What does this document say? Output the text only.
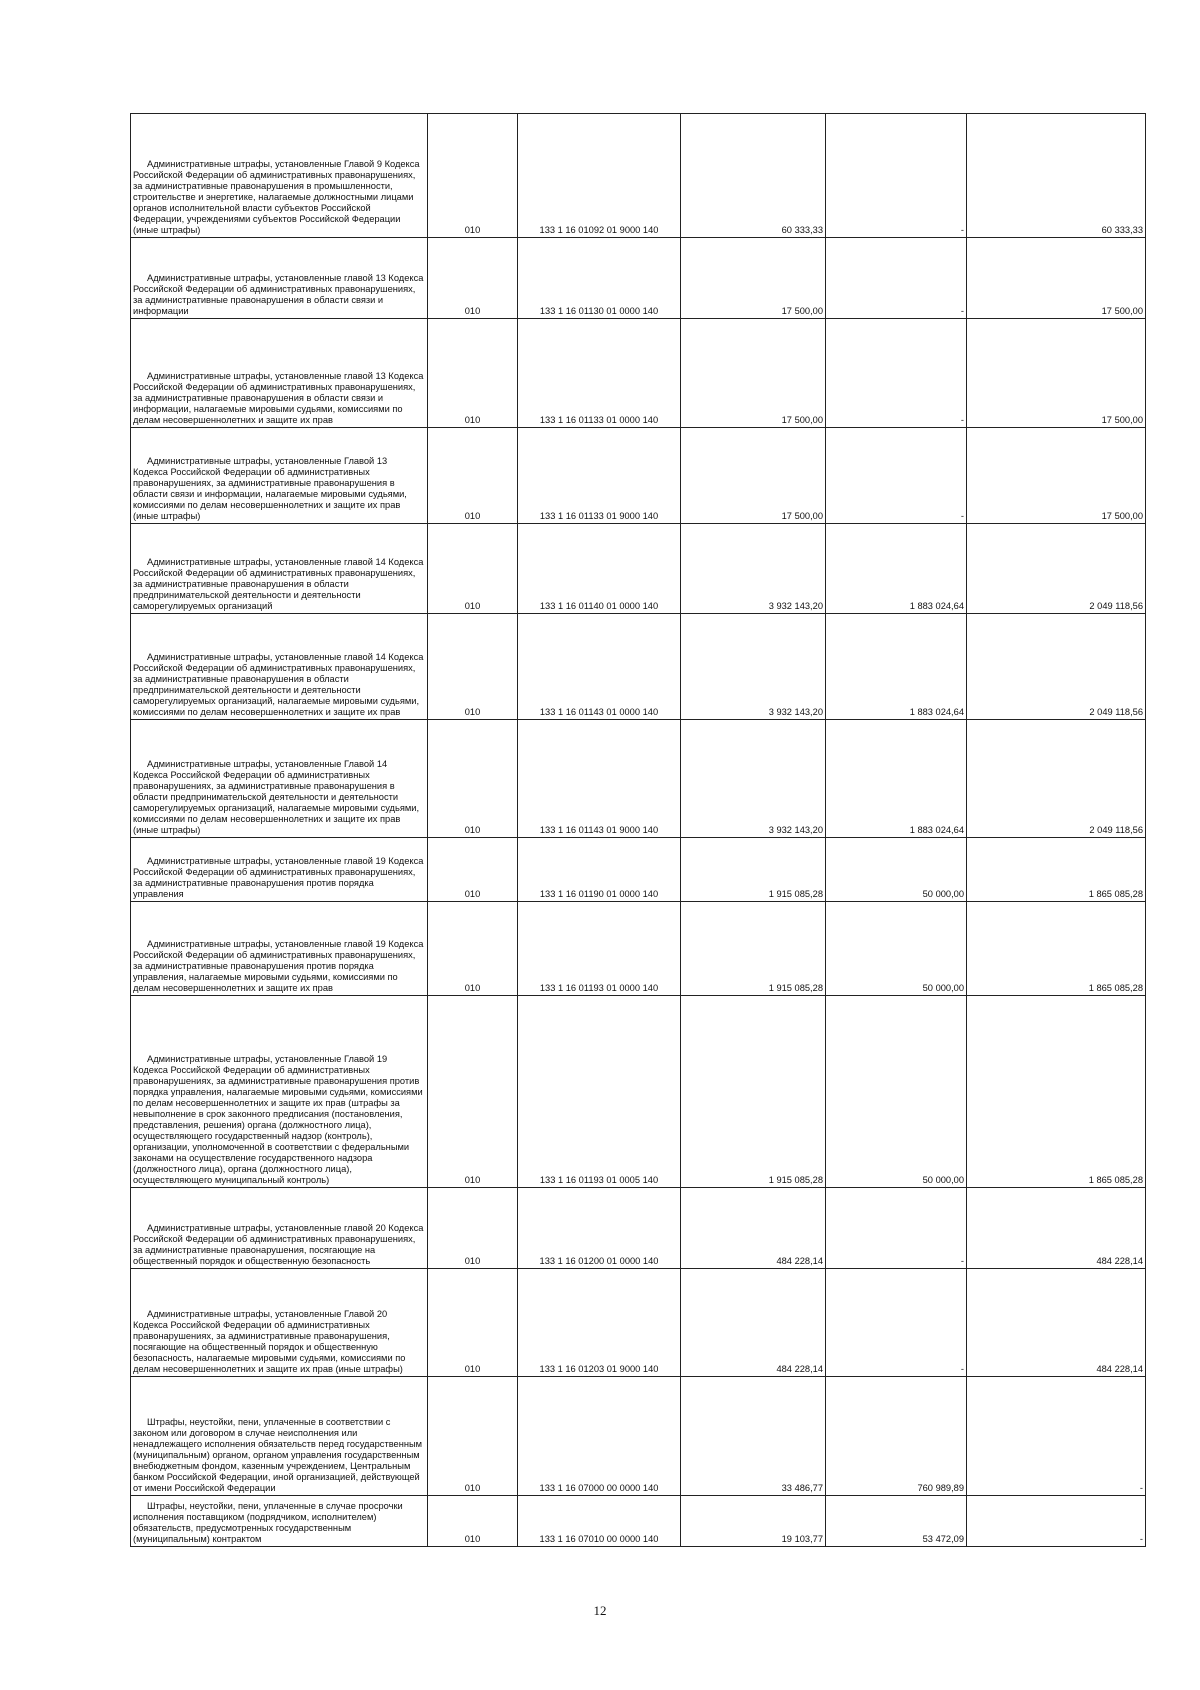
Административные штрафы, установленные Главой 9 Кодекса Российской Федерации об административных правонарушениях, за административные правонарушения в промышленности, строительстве и энергетике, налагаемые должностными лицами органов исполнительной власти субъектов Российской Федерации, учреждениями субъектов Российской Федерации (иные штрафы)	010	133 1 16 01092 01 9000 140	60 333,33	-	60 333,33
Административные штрафы, установленные главой 13 Кодекса Российской Федерации об административных правонарушениях, за административные правонарушения в области связи и информации	010	133 1 16 01130 01 0000 140	17 500,00	-	17 500,00
Административные штрафы, установленные главой 13 Кодекса Российской Федерации об административных правонарушениях, за административные правонарушения в области связи и информации, налагаемые мировыми судьями, комиссиями по делам несовершеннолетних и защите их прав	010	133 1 16 01133 01 0000 140	17 500,00	-	17 500,00
Административные штрафы, установленные Главой 13 Кодекса Российской Федерации об административных правонарушениях, за административные правонарушения в области связи и информации, налагаемые мировыми судьями, комиссиями по делам несовершеннолетних и защите их прав (иные штрафы)	010	133 1 16 01133 01 9000 140	17 500,00	-	17 500,00
Административные штрафы, установленные главой 14 Кодекса Российской Федерации об административных правонарушениях, за административные правонарушения в области предпринимательской деятельности и деятельности саморегулируемых организаций	010	133 1 16 01140 01 0000 140	3 932 143,20	1 883 024,64	2 049 118,56
Административные штрафы, установленные главой 14 Кодекса Российской Федерации об административных правонарушениях, за административные правонарушения в области предпринимательской деятельности и деятельности саморегулируемых организаций, налагаемые мировыми судьями, комиссиями по делам несовершеннолетних и защите их прав	010	133 1 16 01143 01 0000 140	3 932 143,20	1 883 024,64	2 049 118,56
Административные штрафы, установленные Главой 14 Кодекса Российской Федерации об административных правонарушениях, за административные правонарушения в области предпринимательской деятельности и деятельности саморегулируемых организаций, налагаемые мировыми судьями, комиссиями по делам несовершеннолетних и защите их прав (иные штрафы)	010	133 1 16 01143 01 9000 140	3 932 143,20	1 883 024,64	2 049 118,56
Административные штрафы, установленные главой 19 Кодекса Российской Федерации об административных правонарушениях, за административные правонарушения против порядка управления	010	133 1 16 01190 01 0000 140	1 915 085,28	50 000,00	1 865 085,28
Административные штрафы, установленные главой 19 Кодекса Российской Федерации об административных правонарушениях, за административные правонарушения против порядка управления, налагаемые мировыми судьями, комиссиями по делам несовершеннолетних и защите их прав	010	133 1 16 01193 01 0000 140	1 915 085,28	50 000,00	1 865 085,28
Административные штрафы, установленные Главой 19 Кодекса Российской Федерации об административных правонарушениях, за административные правонарушения против порядка управления, налагаемые мировыми судьями, комиссиями по делам несовершеннолетних и защите их прав (штрафы за невыполнение в срок законного предписания (постановления, представления, решения) органа (должностного лица), осуществляющего государственный надзор (контроль), организации, уполномоченной в соответствии с федеральными законами на осуществление государственного надзора (должностного лица), органа (должностного лица), осуществляющего муниципальный контроль)	010	133 1 16 01193 01 0005 140	1 915 085,28	50 000,00	1 865 085,28
Административные штрафы, установленные главой 20 Кодекса Российской Федерации об административных правонарушениях, за административные правонарушения, посягающие на общественный порядок и общественную безопасность	010	133 1 16 01200 01 0000 140	484 228,14	-	484 228,14
Административные штрафы, установленные Главой 20 Кодекса Российской Федерации об административных правонарушениях, за административные правонарушения, посягающие на общественный порядок и общественную безопасность, налагаемые мировыми судьями, комиссиями по делам несовершеннолетних и защите их прав (иные штрафы)	010	133 1 16 01203 01 9000 140	484 228,14	-	484 228,14
Штрафы, неустойки, пени, уплаченные в соответствии с законом или договором в случае неисполнения или ненадлежащего исполнения обязательств перед государственным (муниципальным) органом, органом управления государственным внебюджетным фондом, казенным учреждением, Центральным банком Российской Федерации, иной организацией, действующей от имени Российской Федерации	010	133 1 16 07000 00 0000 140	33 486,77	760 989,89	-
Штрафы, неустойки, пени, уплаченные в случае просрочки исполнения поставщиком (подрядчиком, исполнителем) обязательств, предусмотренных государственным (муниципальным) контрактом	010	133 1 16 07010 00 0000 140	19 103,77	53 472,09	-
12
